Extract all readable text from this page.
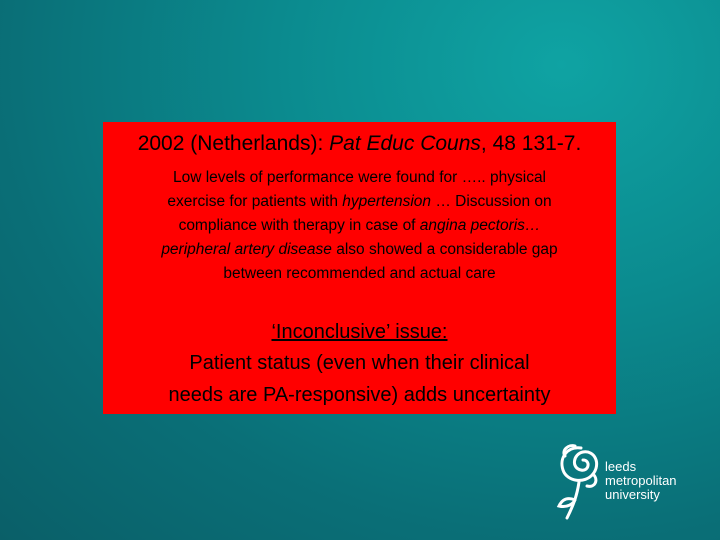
2002 (Netherlands): Pat Educ Couns, 48 131-7.
Low levels of performance were found for ….. physical
exercise for patients with hypertension … Discussion on
compliance with therapy in case of angina pectoris…
peripheral artery disease also showed a considerable gap
between recommended and actual care
‘Inconclusive’ issue:
Patient status (even when their clinical
needs are PA-responsive) adds uncertainty
leeds
metropolitan
university
